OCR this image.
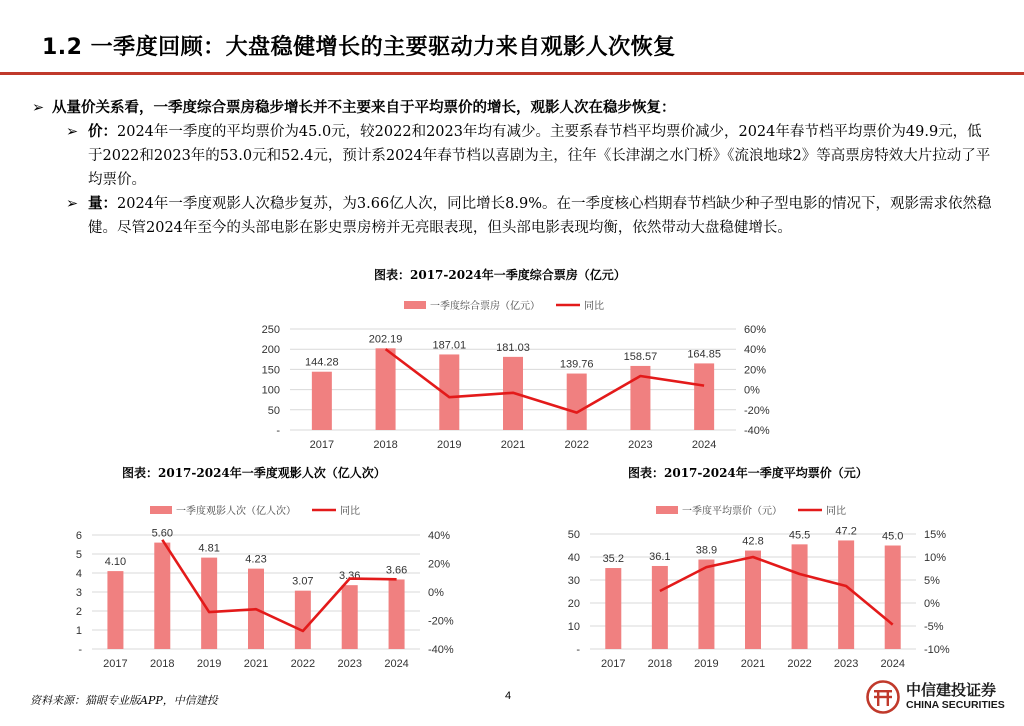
1.2 一季度回顾：大盘稳健增长的主要驱动力来自观影人次恢复
➢ 从量价关系看，一季度综合票房稳步增长并不主要来自于平均票价的增长，观影人次在稳步恢复：
➢ 价：2024年一季度的平均票价为45.0元，较2022和2023年均有减少。主要系春节档平均票价减少，2024年春节档平均票价为49.9元，低于2022和2023年的53.0元和52.4元，预计系2024年春节档以喜剧为主，往年《长津湖之水门桥》《流浪地球2》等高票房特效大片拉动了平均票价。
➢ 量：2024年一季度观影人次稳步复苏，为3.66亿人次，同比增长8.9%。在一季度核心档期春节档缺少种子型电影的情况下，观影需求依然稳健。尽管2024年至今的头部电影在影史票房榜并无亮眼表现，但头部电影表现均衡，依然带动大盘稳健增长。
图表：2017-2024年一季度综合票房（亿元）
250
200
150
100
50
-
60%
40%
20%
0%
-20%
-40%
144.28
202.19
187.01	181.03
139.76
158.57	164.85
2017	2018	2019	2021	2022	2023	2024
一季度综合票房（亿元）	同比
图表：2017-2024年一季度观影人次（亿人次）
6
5
4
3
2
1
-
40%
20%
0%
-20%
-40%
4.10
5.60
4.81
4.23
3.07 3.36 3.66
2017 2018 2019 2021 2022 2023 2024
一季度观影人次（亿人次）	同比
图表：2017-2024年一季度平均票价（元）
50
40
30
20
10
-
15%
10%
5%
0%
-5%
-10%
35.2 36.1
38.9
42.8
45.5 47.2 45.0
2017 2018 2019 2021 2022 2023 2024
一季度平均票价（元）	同比
资料来源：猫眼专业版APP，中信建投	4	中信建投证券
CHINA SECURITIES
